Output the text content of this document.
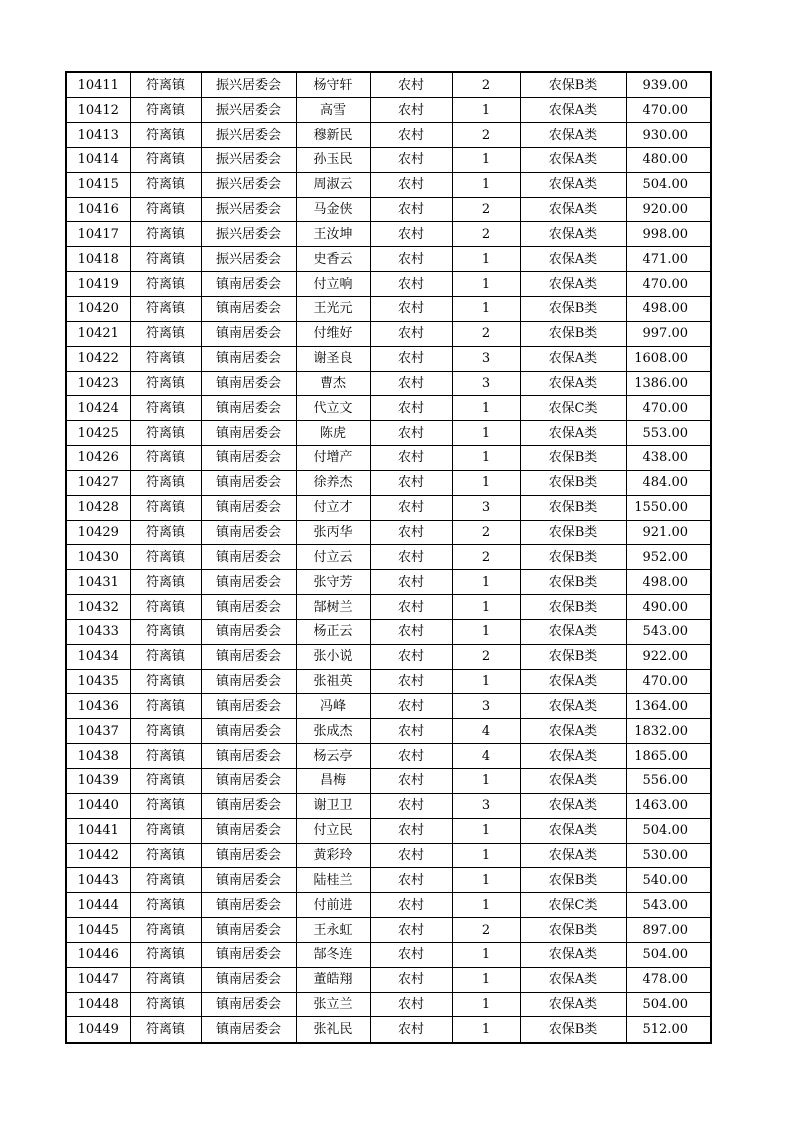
10411	符离镇	振兴居委会	杨守轩	农村	2	农保B类	939.00
10412	符离镇	振兴居委会	高雪	农村	1	农保A类	470.00
10413	符离镇	振兴居委会	穆新民	农村	2	农保A类	930.00
10414	符离镇	振兴居委会	孙玉民	农村	1	农保A类	480.00
10415	符离镇	振兴居委会	周淑云	农村	1	农保A类	504.00
10416	符离镇	振兴居委会	马金侠	农村	2	农保A类	920.00
10417	符离镇	振兴居委会	王汝坤	农村	2	农保A类	998.00
10418	符离镇	振兴居委会	史香云	农村	1	农保A类	471.00
10419	符离镇	镇南居委会	付立响	农村	1	农保A类	470.00
10420	符离镇	镇南居委会	王光元	农村	1	农保B类	498.00
10421	符离镇	镇南居委会	付维好	农村	2	农保B类	997.00
10422	符离镇	镇南居委会	谢圣良	农村	3	农保A类	1608.00
10423	符离镇	镇南居委会	曹杰	农村	3	农保A类	1386.00
10424	符离镇	镇南居委会	代立文	农村	1	农保C类	470.00
10425	符离镇	镇南居委会	陈虎	农村	1	农保A类	553.00
10426	符离镇	镇南居委会	付增产	农村	1	农保B类	438.00
10427	符离镇	镇南居委会	徐养杰	农村	1	农保B类	484.00
10428	符离镇	镇南居委会	付立才	农村	3	农保B类	1550.00
10429	符离镇	镇南居委会	张丙华	农村	2	农保B类	921.00
10430	符离镇	镇南居委会	付立云	农村	2	农保B类	952.00
10431	符离镇	镇南居委会	张守芳	农村	1	农保B类	498.00
10432	符离镇	镇南居委会	郜树兰	农村	1	农保B类	490.00
10433	符离镇	镇南居委会	杨正云	农村	1	农保A类	543.00
10434	符离镇	镇南居委会	张小说	农村	2	农保B类	922.00
10435	符离镇	镇南居委会	张祖英	农村	1	农保A类	470.00
10436	符离镇	镇南居委会	冯峰	农村	3	农保A类	1364.00
10437	符离镇	镇南居委会	张成杰	农村	4	农保A类	1832.00
10438	符离镇	镇南居委会	杨云亭	农村	4	农保A类	1865.00
10439	符离镇	镇南居委会	昌梅	农村	1	农保A类	556.00
10440	符离镇	镇南居委会	谢卫卫	农村	3	农保A类	1463.00
10441	符离镇	镇南居委会	付立民	农村	1	农保A类	504.00
10442	符离镇	镇南居委会	黄彩玲	农村	1	农保A类	530.00
10443	符离镇	镇南居委会	陆桂兰	农村	1	农保B类	540.00
10444	符离镇	镇南居委会	付前进	农村	1	农保C类	543.00
10445	符离镇	镇南居委会	王永虹	农村	2	农保B类	897.00
10446	符离镇	镇南居委会	郜冬连	农村	1	农保A类	504.00
10447	符离镇	镇南居委会	董皓翔	农村	1	农保A类	478.00
10448	符离镇	镇南居委会	张立兰	农村	1	农保A类	504.00
10449	符离镇	镇南居委会	张礼民	农村	1	农保B类	512.00
